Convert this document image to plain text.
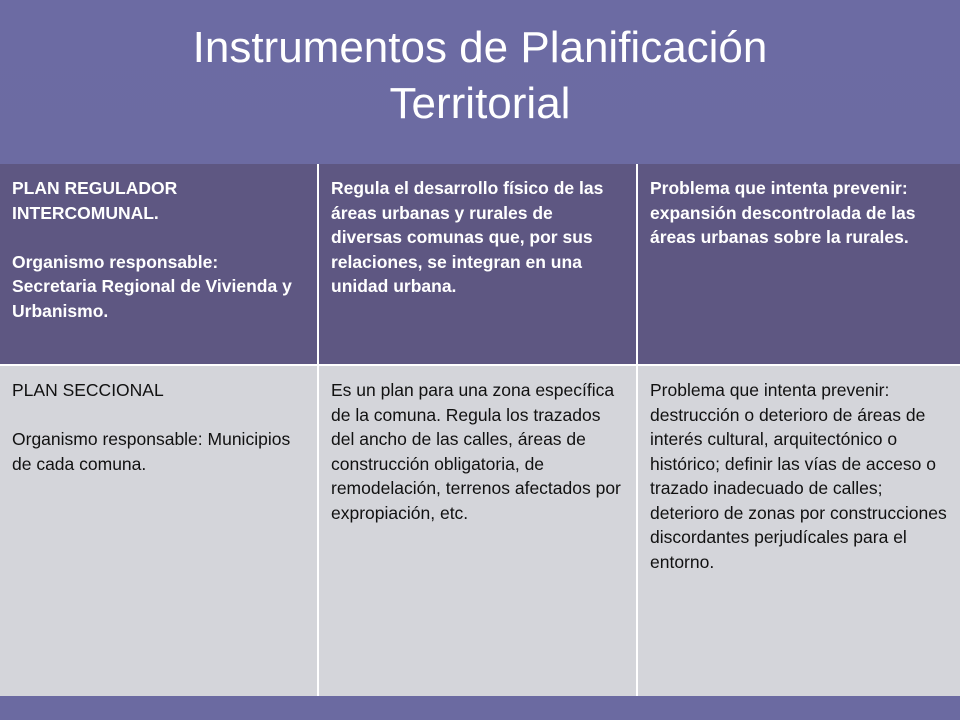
Instrumentos de Planificación
Territorial
PLAN REGULADOR INTERCOMUNAL.

Organismo responsable: Secretaria Regional de Vivienda y Urbanismo.
Regula el desarrollo físico de las áreas urbanas y rurales de diversas comunas que, por sus relaciones, se integran en una unidad urbana.
Problema que intenta prevenir: expansión descontrolada de las áreas urbanas sobre la rurales.
PLAN SECCIONAL

Organismo responsable: Municipios de cada comuna.
Es un plan para una zona específica de la comuna. Regula los trazados del ancho de las calles, áreas de construcción obligatoria, de remodelación, terrenos afectados por expropiación, etc.
Problema que intenta prevenir: destrucción o deterioro de áreas de interés cultural, arquitectónico o histórico; definir las vías de acceso o trazado inadecuado de calles; deterioro de zonas por construcciones discordantes perjudícales para el entorno.
